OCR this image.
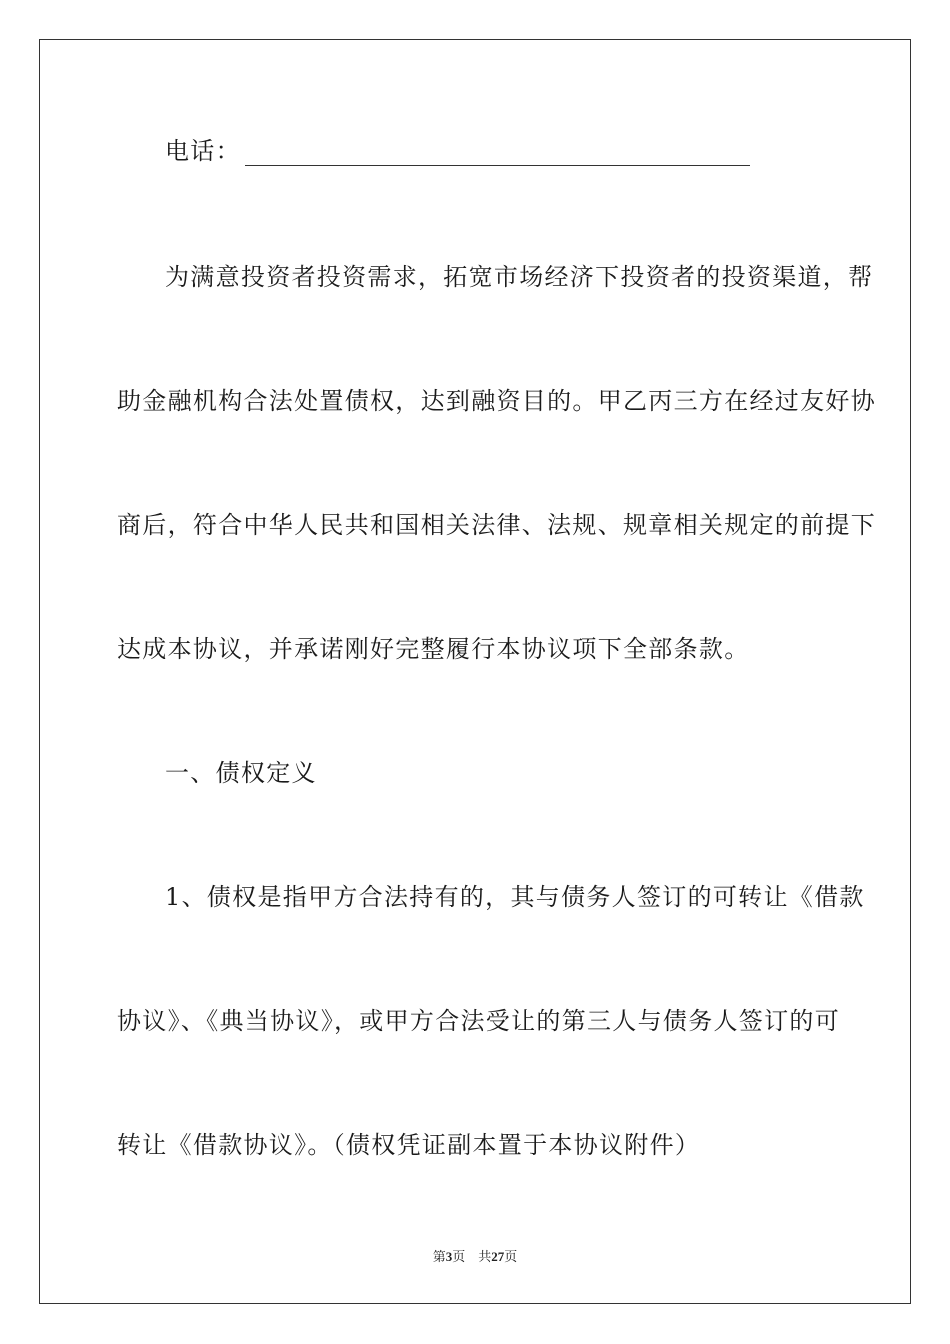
电话：
为满意投资者投资需求，拓宽市场经济下投资者的投资渠道，帮
助金融机构合法处置债权，达到融资目的。甲乙丙三方在经过友好协
商后，符合中华人民共和国相关法律、法规、规章相关规定的前提下
达成本协议，并承诺刚好完整履行本协议项下全部条款。
一、债权定义
1、债权是指甲方合法持有的，其与债务人签订的可转让《借款
协议》、《典当协议》，或甲方合法受让的第三人与债务人签订的可
转让《借款协议》。（债权凭证副本置于本协议附件）
第3页　共27页
